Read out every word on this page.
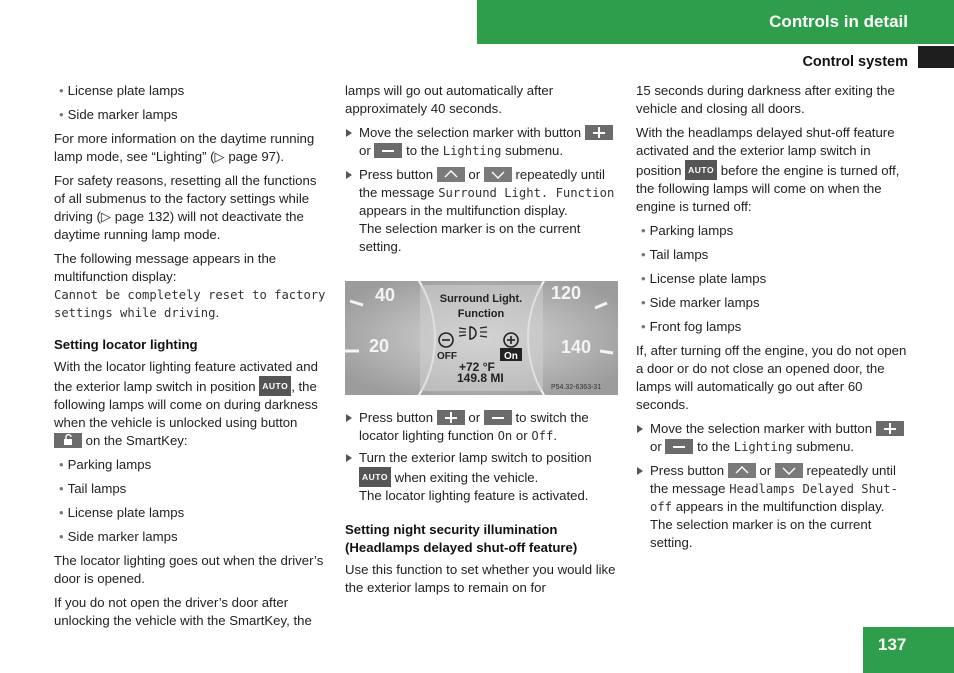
Controls in detail
Control system
• License plate lamps
• Side marker lamps

For more information on the daytime running lamp mode, see “Lighting” (▷ page 97).

For safety reasons, resetting all the functions of all submenus to the factory settings while driving (▷ page 132) will not deactivate the daytime running lamp mode.

The following message appears in the multifunction display:
Cannot be completely reset to factory settings while driving.

Setting locator lighting

With the locator lighting feature activated and the exterior lamp switch in position AUTO , the following lamps will come on during darkness when the vehicle is unlocked using button  on the SmartKey:

• Parking lamps
• Tail lamps
• License plate lamps
• Side marker lamps

The locator lighting goes out when the driver’s door is opened.

If you do not open the driver’s door after unlocking the vehicle with the SmartKey, the

lamps will go out automatically after approximately 40 seconds.

Move the selection marker with button  or	to the Lighting submenu.
Press button	or	repeatedly until the message Surround Light. Function appears in the multifunction display.
The selection marker is on the current setting.
40
20
120
140
Surround Light.
Function
OFF	On
+72 °F
149.8 MI
P54.32-6363-31
Press button	or	to switch the locator lighting function On or Off.
Turn the exterior lamp switch to position AUTO when exiting the vehicle.
The locator lighting feature is activated.
Setting night security illumination (Headlamps delayed shut-off feature)

Use this function to set whether you would like the exterior lamps to remain on for

15 seconds during darkness after exiting the vehicle and closing all doors.

With the headlamps delayed shut-off feature activated and the exterior lamp switch in position AUTO before the engine is turned off, the following lamps will come on when the engine is turned off:

• Parking lamps
• Tail lamps
• License plate lamps
• Side marker lamps
• Front fog lamps

If, after turning off the engine, you do not open a door or do not close an opened door, the lamps will automatically go out after 60 seconds.

Move the selection marker with button  or	to the Lighting submenu.
Press button	or	repeatedly until the message Headlamps Delayed Shut-off appears in the multifunction display.
The selection marker is on the current setting.
137
